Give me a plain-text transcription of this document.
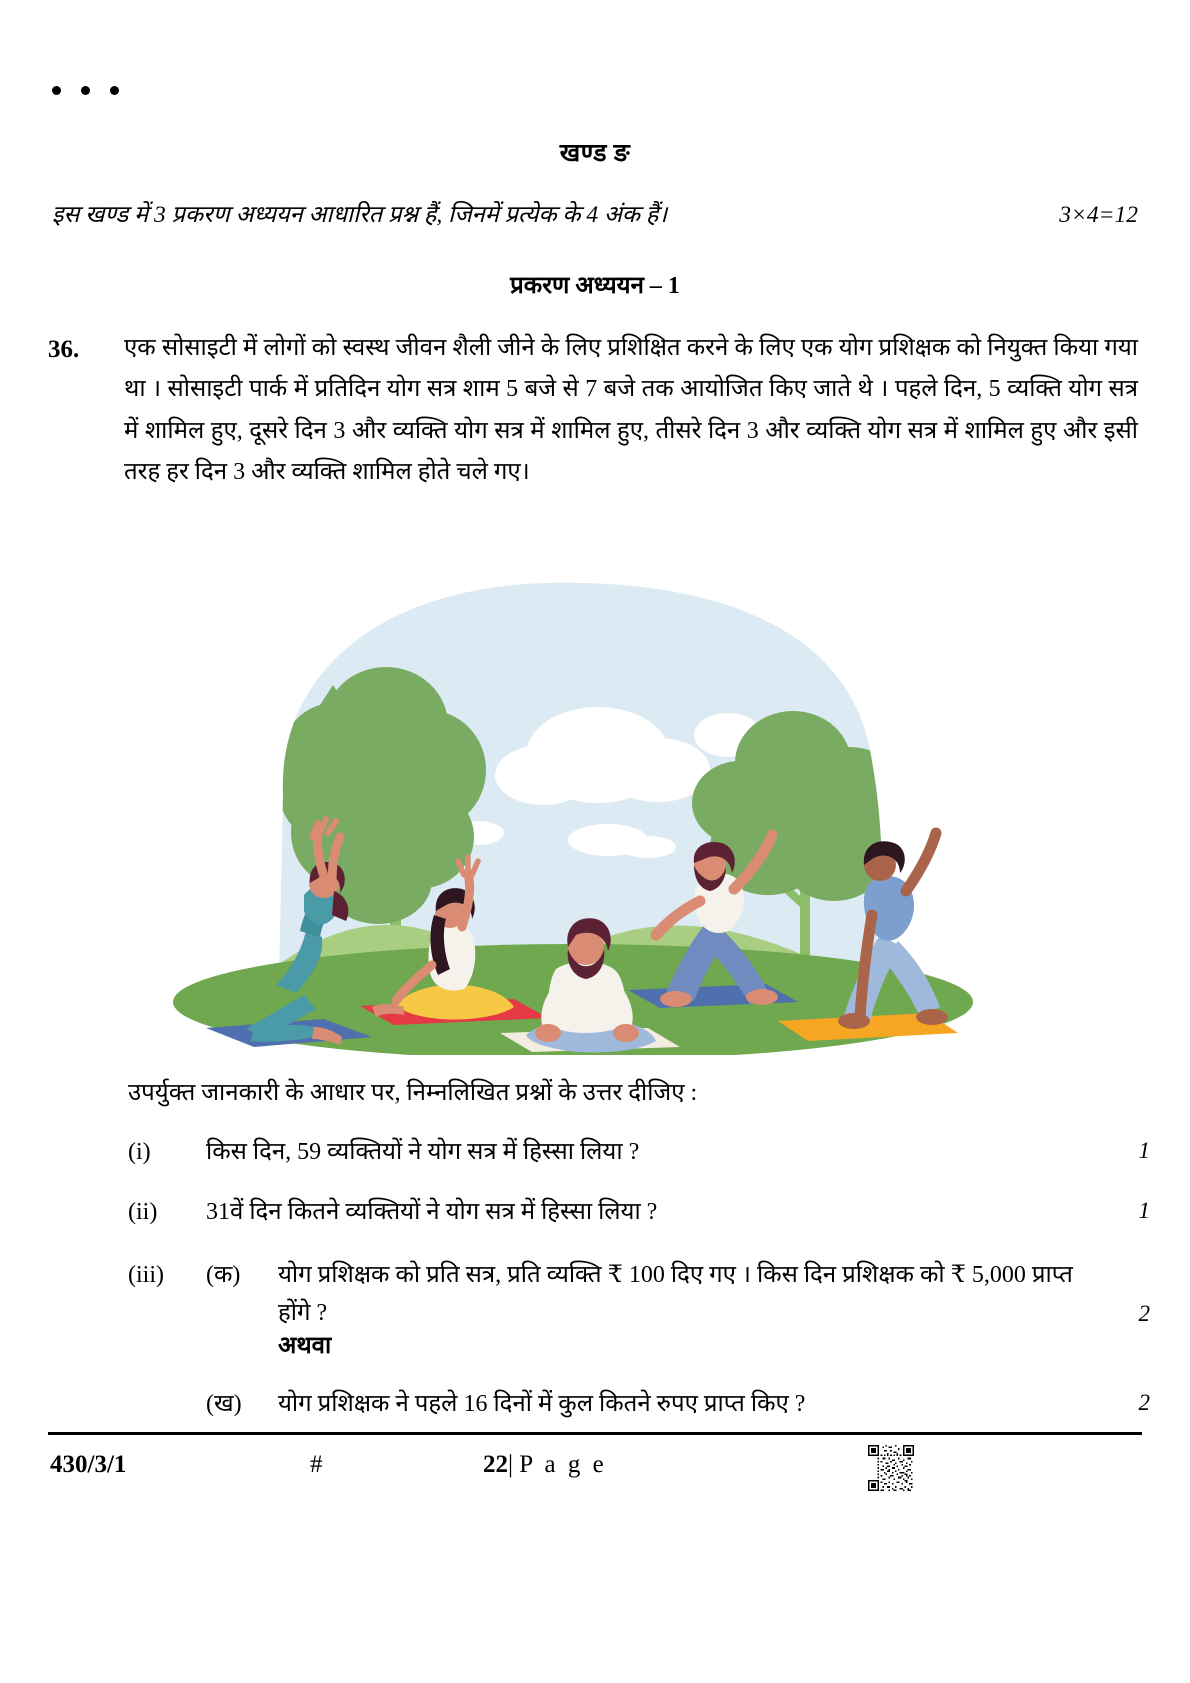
खण्ड ङ
इस खण्ड में 3 प्रकरण अध्ययन आधारित प्रश्न हैं, जिनमें प्रत्येक के 4 अंक हैं।	3×4=12
प्रकरण अध्ययन – 1
36.	एक सोसाइटी में लोगों को स्वस्थ जीवन शैली जीने के लिए प्रशिक्षित करने के लिए एक योग प्रशिक्षक को नियुक्त किया गया था । सोसाइटी पार्क में प्रतिदिन योग सत्र शाम 5 बजे से 7 बजे तक आयोजित किए जाते थे । पहले दिन, 5 व्यक्ति योग सत्र में शामिल हुए, दूसरे दिन 3 और व्यक्ति योग सत्र में शामिल हुए, तीसरे दिन 3 और व्यक्ति योग सत्र में शामिल हुए और इसी तरह हर दिन 3 और व्यक्ति शामिल होते चले गए।
उपर्युक्त जानकारी के आधार पर, निम्नलिखित प्रश्नों के उत्तर दीजिए :
(i)	किस दिन, 59 व्यक्तियों ने योग सत्र में हिस्सा लिया ?	1
(ii)	31वें दिन कितने व्यक्तियों ने योग सत्र में हिस्सा लिया ?	1
(iii)	(क)	योग प्रशिक्षक को प्रति सत्र, प्रति व्यक्ति ₹ 100 दिए गए । किस दिन प्रशिक्षक को ₹ 5,000 प्राप्त होंगे ?	2
अथवा
(ख)	योग प्रशिक्षक ने पहले 16 दिनों में कुल कितने रुपए प्राप्त किए ?	2
430/3/1	#	22| P a g e
